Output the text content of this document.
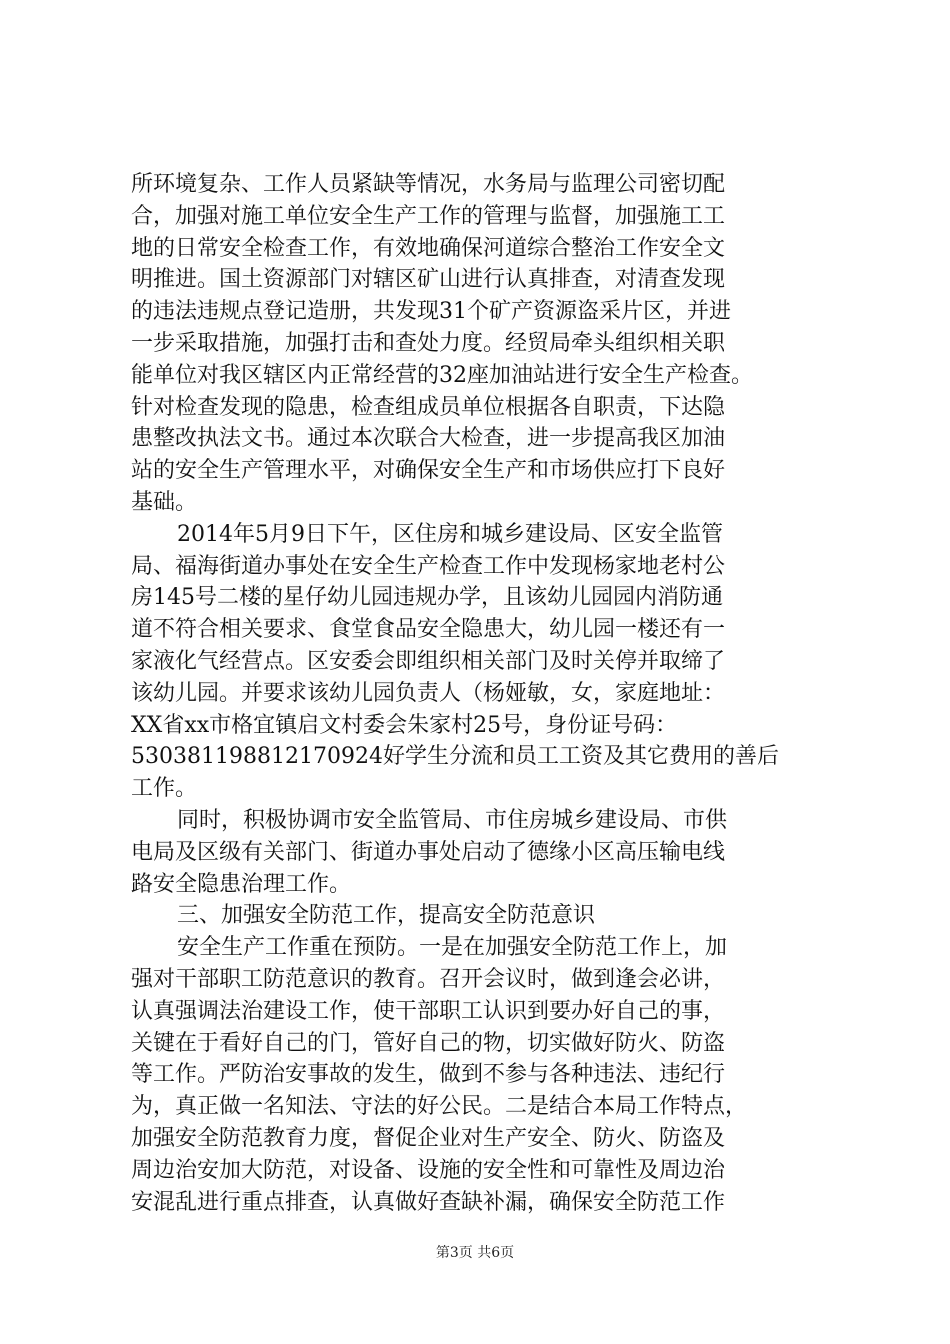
所环境复杂、工作人员紧缺等情况，水务局与监理公司密切配
合，加强对施工单位安全生产工作的管理与监督，加强施工工
地的日常安全检查工作，有效地确保河道综合整治工作安全文
明推进。国土资源部门对辖区矿山进行认真排查，对清查发现
的违法违规点登记造册，共发现31个矿产资源盗采片区，并进
一步采取措施，加强打击和查处力度。经贸局牵头组织相关职
能单位对我区辖区内正常经营的32座加油站进行安全生产检查。
针对检查发现的隐患，检查组成员单位根据各自职责，下达隐
患整改执法文书。通过本次联合大检查，进一步提高我区加油
站的安全生产管理水平，对确保安全生产和市场供应打下良好
基础。
2014年5月9日下午，区住房和城乡建设局、区安全监管
局、福海街道办事处在安全生产检查工作中发现杨家地老村公
房145号二楼的星仔幼儿园违规办学，且该幼儿园园内消防通
道不符合相关要求、食堂食品安全隐患大，幼儿园一楼还有一
家液化气经营点。区安委会即组织相关部门及时关停并取缔了
该幼儿园。并要求该幼儿园负责人（杨娅敏，女，家庭地址：
XX省xx市格宜镇启文村委会朱家村25号，身份证号码：
530381198812170924好学生分流和员工工资及其它费用的善后
工作。
同时，积极协调市安全监管局、市住房城乡建设局、市供
电局及区级有关部门、街道办事处启动了德缘小区高压输电线
路安全隐患治理工作。
三、加强安全防范工作，提高安全防范意识
安全生产工作重在预防。一是在加强安全防范工作上，加
强对干部职工防范意识的教育。召开会议时，做到逢会必讲，
认真强调法治建设工作，使干部职工认识到要办好自己的事，
关键在于看好自己的门，管好自己的物，切实做好防火、防盗
等工作。严防治安事故的发生，做到不参与各种违法、违纪行
为，真正做一名知法、守法的好公民。二是结合本局工作特点，
加强安全防范教育力度，督促企业对生产安全、防火、防盗及
周边治安加大防范，对设备、设施的安全性和可靠性及周边治
安混乱进行重点排查，认真做好查缺补漏，确保安全防范工作
第3页 共6页
